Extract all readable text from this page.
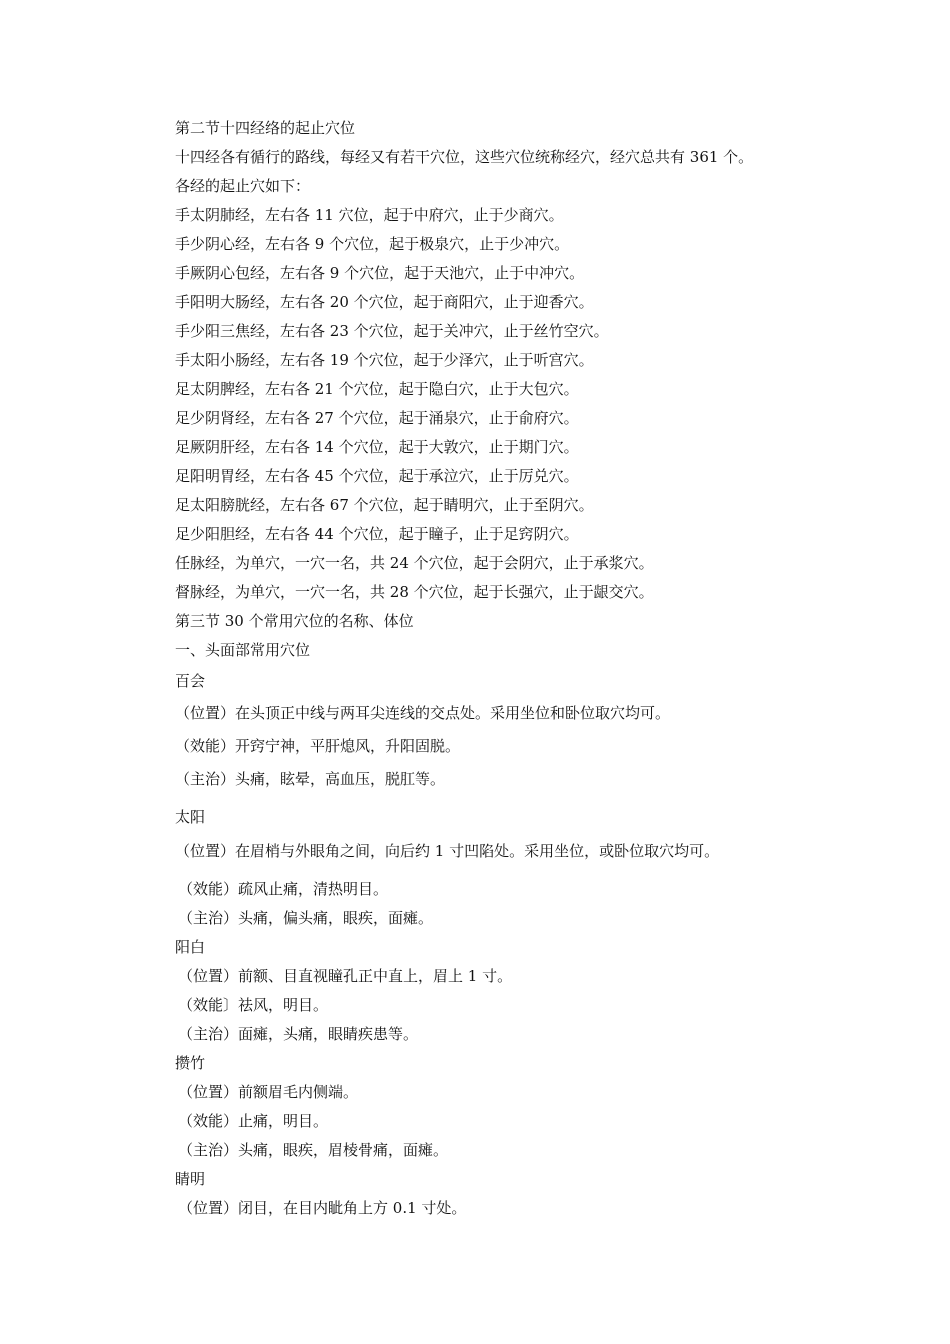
第二节十四经络的起止穴位
十四经各有循行的路线，每经又有若干穴位，这些穴位统称经穴，经穴总共有 361 个。
各经的起止穴如下：
手太阴肺经，左右各 11 穴位，起于中府穴，止于少商穴。
手少阴心经，左右各 9 个穴位，起于极泉穴，止于少冲穴。
手厥阴心包经，左右各 9 个穴位，起于天池穴，止于中冲穴。
手阳明大肠经，左右各 20 个穴位，起于商阳穴，止于迎香穴。
手少阳三焦经，左右各 23 个穴位，起于关冲穴，止于丝竹空穴。
手太阳小肠经，左右各 19 个穴位，起于少泽穴，止于听宫穴。
足太阴脾经，左右各 21 个穴位，起于隐白穴，止于大包穴。
足少阴肾经，左右各 27 个穴位，起于涌泉穴，止于俞府穴。
足厥阴肝经，左右各 14 个穴位，起于大敦穴，止于期门穴。
足阳明胃经，左右各 45 个穴位，起于承泣穴，止于厉兑穴。
足太阳膀胱经，左右各 67 个穴位，起于睛明穴，止于至阴穴。
足少阳胆经，左右各 44 个穴位，起于瞳子，止于足窍阴穴。
任脉经，为单穴，一穴一名，共 24 个穴位，起于会阴穴，止于承浆穴。
督脉经，为单穴，一穴一名，共 28 个穴位，起于长强穴，止于龈交穴。
第三节 30 个常用穴位的名称、体位
一、头面部常用穴位
百会
（位置）在头顶正中线与两耳尖连线的交点处。采用坐位和卧位取穴均可。
（效能）开窍宁神，平肝熄风，升阳固脱。
（主治）头痛，眩晕，高血压，脱肛等。
太阳
（位置）在眉梢与外眼角之间，向后约 1 寸凹陷处。采用坐位，或卧位取穴均可。
（效能）疏风止痛，清热明目。
（主治）头痛，偏头痛，眼疾，面瘫。
阳白
（位置）前额、目直视瞳孔正中直上，眉上 1 寸。
（效能〕祛风，明目。
（主治）面瘫，头痛，眼睛疾患等。
攒竹
（位置）前额眉毛内侧端。
（效能）止痛，明目。
（主治）头痛，眼疾，眉棱骨痛，面瘫。
睛明
（位置）闭目，在目内眦角上方 0.1 寸处。
